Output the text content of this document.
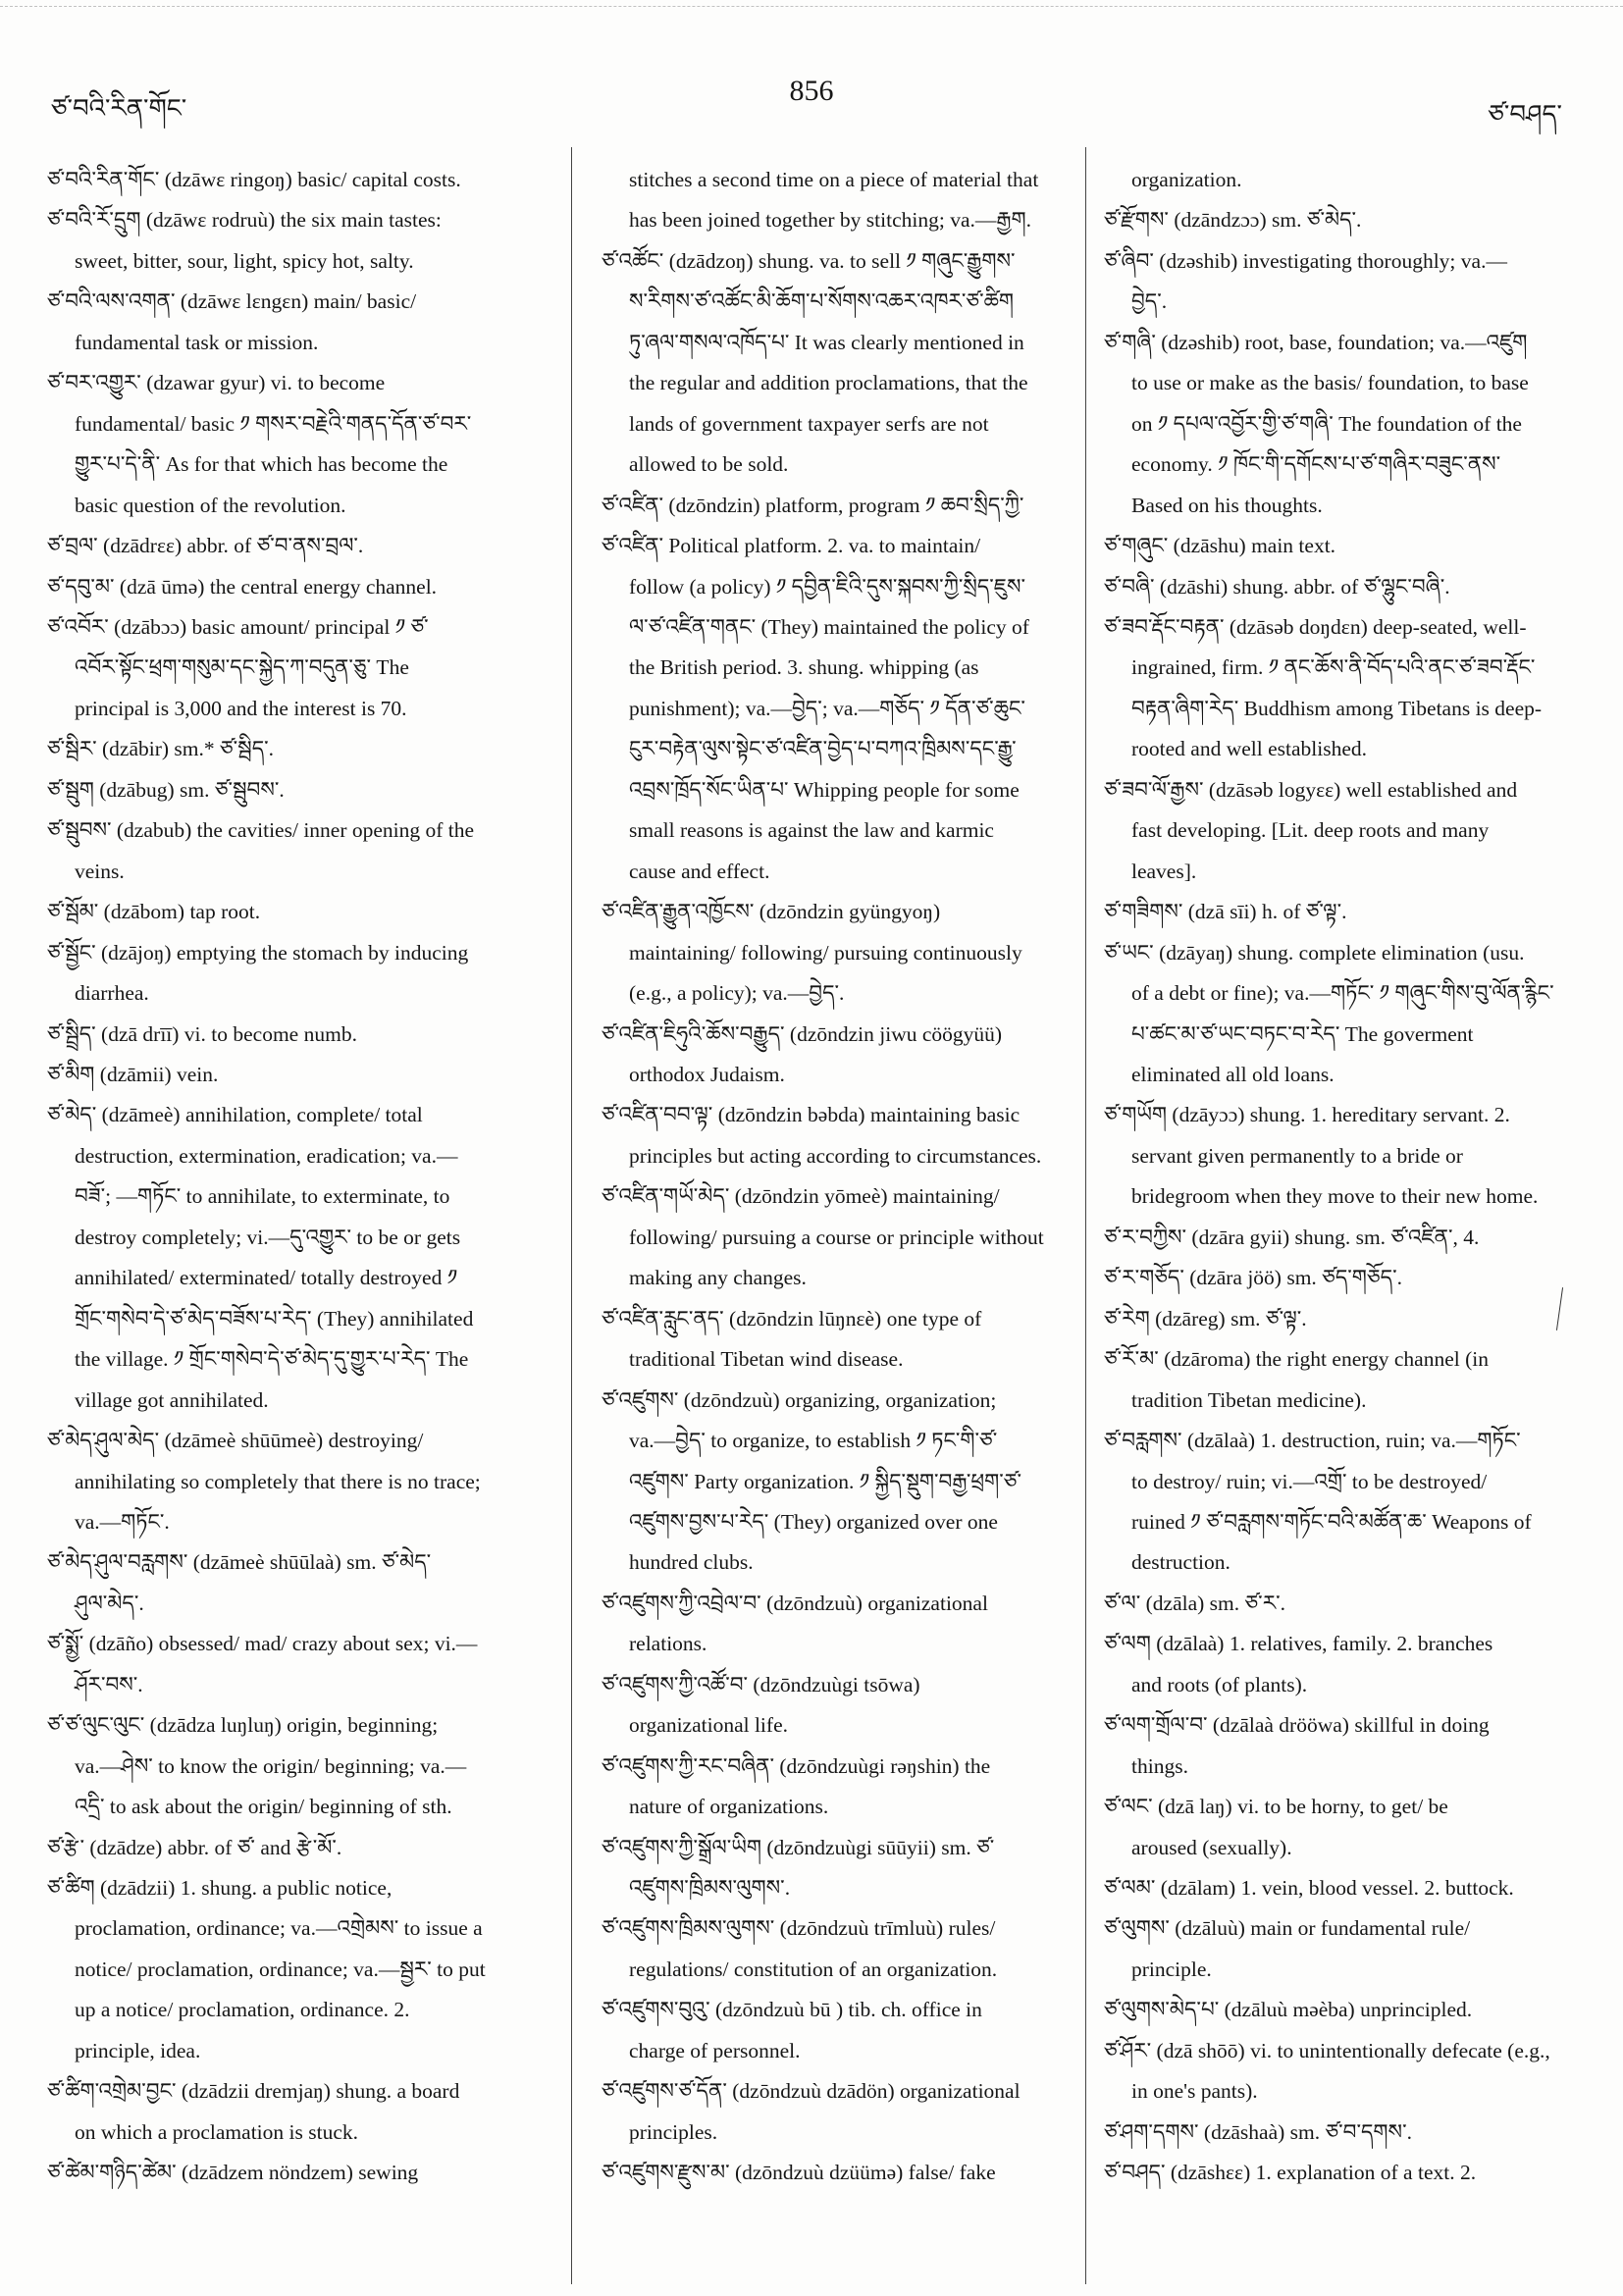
ཙ་བའི་རིན་གོང་
856
ཙ་བཤད་
ཙ་བའི་རིན་གོང་ (dzāwɛ ringoŋ) basic/ capital costs.
ཙ་བའི་རོ་དྲུག (dzāwɛ rodruù) the six main tastes:
sweet, bitter, sour, light, spicy hot, salty.
ཙ་བའི་ལས་འགན་ (dzāwɛ lɛngɛn) main/ basic/
fundamental task or mission.
ཙ་བར་འགྱུར་ (dzawar gyur) vi. to become
fundamental/ basic ༡ གསར་བརྗེའི་གནད་དོན་ཙ་བར་
གྱུར་པ་དེ་ནི་ As for that which has become the
basic question of the revolution.
ཙ་བྲལ་ (dzādrɛɛ) abbr. of ཙ་བ་ནས་བྲལ་.
ཙ་དབུ་མ་ (dzā ūmə) the central energy channel.
ཙ་འབོར་ (dzābɔɔ) basic amount/ principal ༡ ཙ་
འབོར་སྟོང་ཕྲག་གསུམ་དང་སྐྱེད་ཀ་བདུན་ཅུ་ The
principal is 3,000 and the interest is 70.
ཙ་སྦིར་ (dzābir) sm.* ཙ་སྦིད་.
ཙ་སྦུག (dzābug) sm. ཙ་སྦུབས་.
ཙ་སྦུབས་ (dzabub) the cavities/ inner opening of the
veins.
ཙ་སྦོམ་ (dzābom) tap root.
ཙ་སྦྱོང་ (dzājoŋ) emptying the stomach by inducing
diarrhea.
ཙ་སྦྲིད་ (dzā drīī) vi. to become numb.
ཙ་མིག (dzāmii) vein.
ཙ་མེད་ (dzāmeè) annihilation, complete/ total
destruction, extermination, eradication; va.—
བཟོ་; —གཏོང་ to annihilate, to exterminate, to
destroy completely; vi.—དུ་འགྱུར་ to be or gets
annihilated/ exterminated/ totally destroyed ༡
གྲོང་གསེབ་དེ་ཙ་མེད་བཟོས་པ་རེད་ (They) annihilated
the village. ༡ གྲོང་གསེབ་དེ་ཙ་མེད་དུ་གྱུར་པ་རེད་ The
village got annihilated.
ཙ་མེད་ཤུལ་མེད་ (dzāmeè shūūmeè) destroying/
annihilating so completely that there is no trace;
va.—གཏོང་.
ཙ་མེད་ཤུལ་བརླགས་ (dzāmeè shūūlaà) sm. ཙ་མེད་
ཤུལ་མེད་.
ཙ་སྨྱོ་ (dzāño) obsessed/ mad/ crazy about sex; vi.—
ཤོར་བས་.
ཙ་ཙ་ལུང་ལུང་ (dzādza luŋluŋ) origin, beginning;
va.—ཤེས་ to know the origin/ beginning; va.—
འདྲི་ to ask about the origin/ beginning of sth.
ཙ་རྩེ་ (dzādze) abbr. of ཙ་ and རྩེ་མོ་.
ཙ་ཚིག (dzādzii) 1. shung. a public notice,
proclamation, ordinance; va.—འགྲེམས་ to issue a
notice/ proclamation, ordinance; va.—སྦྱར་ to put
up a notice/ proclamation, ordinance. 2.
principle, idea.
ཙ་ཚིག་འགྲེམ་བྱང་ (dzādzii dremjaŋ) shung. a board
on which a proclamation is stuck.
ཙ་ཚེམ་གཉིད་ཚེམ་ (dzādzem nöndzem) sewing
stitches a second time on a piece of material that
has been joined together by stitching; va.—རྒྱག.
ཙ་འཚོང་ (dzādzoŋ) shung. va. to sell ༡ གཞུང་རྒྱུགས་
ས་རིགས་ཙ་འཚོང་མི་ཆོག་པ་སོགས་འཆར་འཁར་ཙ་ཚིག
ཏུ་ཞལ་གསལ་འཁོད་པ་ It was clearly mentioned in
the regular and addition proclamations, that the
lands of government taxpayer serfs are not
allowed to be sold.
ཙ་འཛིན་ (dzōndzin) platform, program ༡ ཆབ་སྲིད་ཀྱི་
ཙ་འཛིན་ Political platform. 2. va. to maintain/
follow (a policy) ༡ དབྱིན་ཇིའི་དུས་སྐབས་ཀྱི་སྲིད་ཇུས་
ལ་ཙ་འཛིན་གནང་ (They) maintained the policy of
the British period. 3. shung. whipping (as
punishment); va.—བྱེད་; va.—གཅོད་ ༡ དོན་ཙ་ཆུང་
ངུར་བརྟེན་ལུས་སྟེང་ཙ་འཛིན་བྱེད་པ་བཀའ་ཁྲིམས་དང་རྒྱུ་
འབྲས་ཁྲོད་སོང་ཡིན་པ་ Whipping people for some
small reasons is against the law and karmic
cause and effect.
ཙ་འཛིན་རྒྱུན་འཁྱོངས་ (dzōndzin gyüngyoŋ)
maintaining/ following/ pursuing continuously
(e.g., a policy); va.—བྱེད་.
ཙ་འཛིན་ཇིཧུའི་ཆོས་བརྒྱུད་ (dzōndzin jiwu cöögyüü)
orthodox Judaism.
ཙ་འཛིན་བབ་ལྟ་ (dzōndzin bəbda) maintaining basic
principles but acting according to circumstances.
ཙ་འཛིན་གཡོ་མེད་ (dzōndzin yōmeè) maintaining/
following/ pursuing a course or principle without
making any changes.
ཙ་འཛིན་རླུང་ནད་ (dzōndzin lūŋnɛè) one type of
traditional Tibetan wind disease.
ཙ་འཛུགས་ (dzōndzuù) organizing, organization;
va.—བྱེད་ to organize, to establish ༡ ཏང་གི་ཙ་
འཛུགས་ Party organization. ༡ སྐྱིད་སྡུག་བརྒྱ་ཕྲག་ཙ་
འཛུགས་བྱས་པ་རེད་ (They) organized over one
hundred clubs.
ཙ་འཛུགས་ཀྱི་འབྲེལ་བ་ (dzōndzuù) organizational
relations.
ཙ་འཛུགས་ཀྱི་འཚོ་བ་ (dzōndzuùgi tsōwa)
organizational life.
ཙ་འཛུགས་ཀྱི་རང་བཞིན་ (dzōndzuùgi rəŋshin) the
nature of organizations.
ཙ་འཛུགས་ཀྱི་སྒྲོལ་ཡིག (dzōndzuùgi sūūyii) sm. ཙ་
འཛུགས་ཁྲིམས་ལུགས་.
ཙ་འཛུགས་ཁྲིམས་ལུགས་ (dzōndzuù trīmluù) rules/
regulations/ constitution of an organization.
ཙ་འཛུགས་བུའུ་ (dzōndzuù bū ) tib. ch. office in
charge of personnel.
ཙ་འཛུགས་ཙ་དོན་ (dzōndzuù dzādön) organizational
principles.
ཙ་འཛུགས་རྫུས་མ་ (dzōndzuù dzüümə) false/ fake
organization.
ཙ་རྫོགས་ (dzāndzɔɔ) sm. ཙ་མེད་.
ཙ་ཞིབ་ (dzəshib) investigating thoroughly; va.—
བྱེད་.
ཙ་གཞི་ (dzəshib) root, base, foundation; va.—འཛུག
to use or make as the basis/ foundation, to base
on ༡ དཔལ་འབྱོར་གྱི་ཙ་གཞི་ The foundation of the
economy. ༡ ཁོང་གི་དགོངས་པ་ཙ་གཞིར་བཟུང་ནས་
Based on his thoughts.
ཙ་གཞུང་ (dzāshu) main text.
ཙ་བཞི་ (dzāshi) shung. abbr. of ཙ་ལྷུང་བཞི་.
ཙ་ཟབ་རྡོང་བརྟན་ (dzāsəb doŋdɛn) deep-seated, well-
ingrained, firm. ༡ ནང་ཆོས་ནི་བོད་པའི་ནང་ཙ་ཟབ་རྡོང་
བརྟན་ཞིག་རེད་ Buddhism among Tibetans is deep-
rooted and well established.
ཙ་ཟབ་ལོ་རྒྱས་ (dzāsəb logyɛɛ) well established and
fast developing. [Lit. deep roots and many
leaves].
ཙ་གཟིགས་ (dzā sīi) h. of ཙ་ལྟ་.
ཙ་ཡང་ (dzāyaŋ) shung. complete elimination (usu.
of a debt or fine); va.—གཏོང་ ༡ གཞུང་གིས་བུ་ལོན་རྙིང་
པ་ཚང་མ་ཙ་ཡང་བཏང་བ་རེད་ The goverment
eliminated all old loans.
ཙ་གཡོག (dzāyɔɔ) shung. 1. hereditary servant. 2.
servant given permanently to a bride or
bridegroom when they move to their new home.
ཙ་ར་བཀྱིས་ (dzāra gyii) shung. sm. ཙ་འཛིན་, 4.
ཙ་ར་གཅོད་ (dzāra jöö) sm. ཙད་གཅོད་.
ཙ་རེག (dzāreg) sm. ཙ་ལྟ་.
ཙ་རོ་མ་ (dzāroma) the right energy channel (in
tradition Tibetan medicine).
ཙ་བརླགས་ (dzālaà) 1. destruction, ruin; va.—གཏོང་
to destroy/ ruin; vi.—འགྲོ་ to be destroyed/
ruined ༡ ཙ་བརླགས་གཏོང་བའི་མཚོན་ཆ་ Weapons of
destruction.
ཙ་ལ་ (dzāla) sm. ཙ་ར་.
ཙ་ལག (dzālaà) 1. relatives, family. 2. branches
and roots (of plants).
ཙ་ལག་གྲོལ་བ་ (dzālaà drööwa) skillful in doing
things.
ཙ་ལང་ (dzā laŋ) vi. to be horny, to get/ be
aroused (sexually).
ཙ་ལམ་ (dzālam) 1. vein, blood vessel. 2. buttock.
ཙ་ལུགས་ (dzāluù) main or fundamental rule/
principle.
ཙ་ལུགས་མེད་པ་ (dzāluù məèba) unprincipled.
ཙ་ཤོར་ (dzā shōō) vi. to unintentionally defecate (e.g.,
in one's pants).
ཙ་ཤག་དགས་ (dzāshaà) sm. ཙ་བ་དགས་.
ཙ་བཤད་ (dzāshɛɛ) 1. explanation of a text. 2.
